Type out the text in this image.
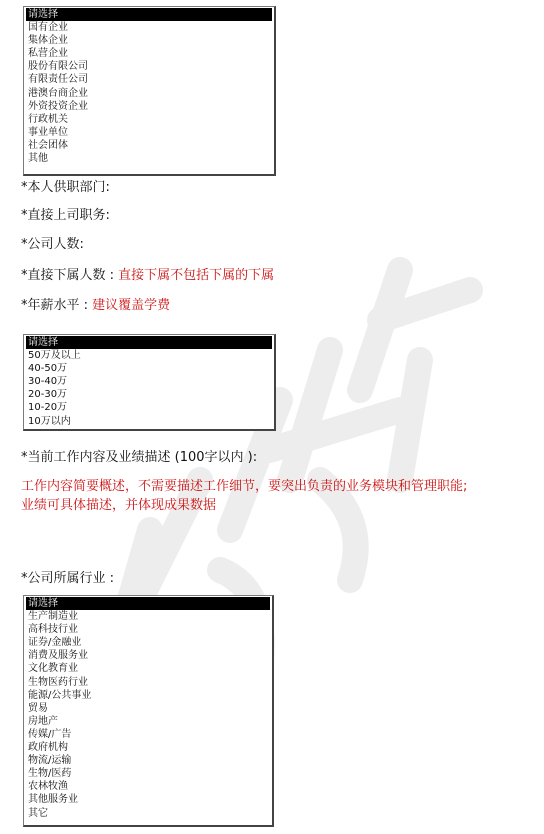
请选择
国有企业
集体企业
私营企业
股份有限公司
有限责任公司
港澳台商企业
外资投资企业
行政机关
事业单位
社会团体
其他
*本人供职部门:
*直接上司职务:
*公司人数:
*直接下属人数 : 直接下属不包括下属的下属
*年薪水平 : 建议覆盖学费
请选择
50万及以上
40-50万
30-40万
20-30万
10-20万
10万以内
*当前工作内容及业绩描述 (100字以内 ):
工作内容简要概述，不需要描述工作细节，要突出负责的业务模块和管理职能;
业绩可具体描述，并体现成果数据
*公司所属行业 :
请选择
生产制造业
高科技行业
证券/金融业
消费及服务业
文化教育业
生物医药行业
能源/公共事业
贸易
房地产
传媒/广告
政府机构
物流/运输
生物/医药
农林牧渔
其他服务业
其它
